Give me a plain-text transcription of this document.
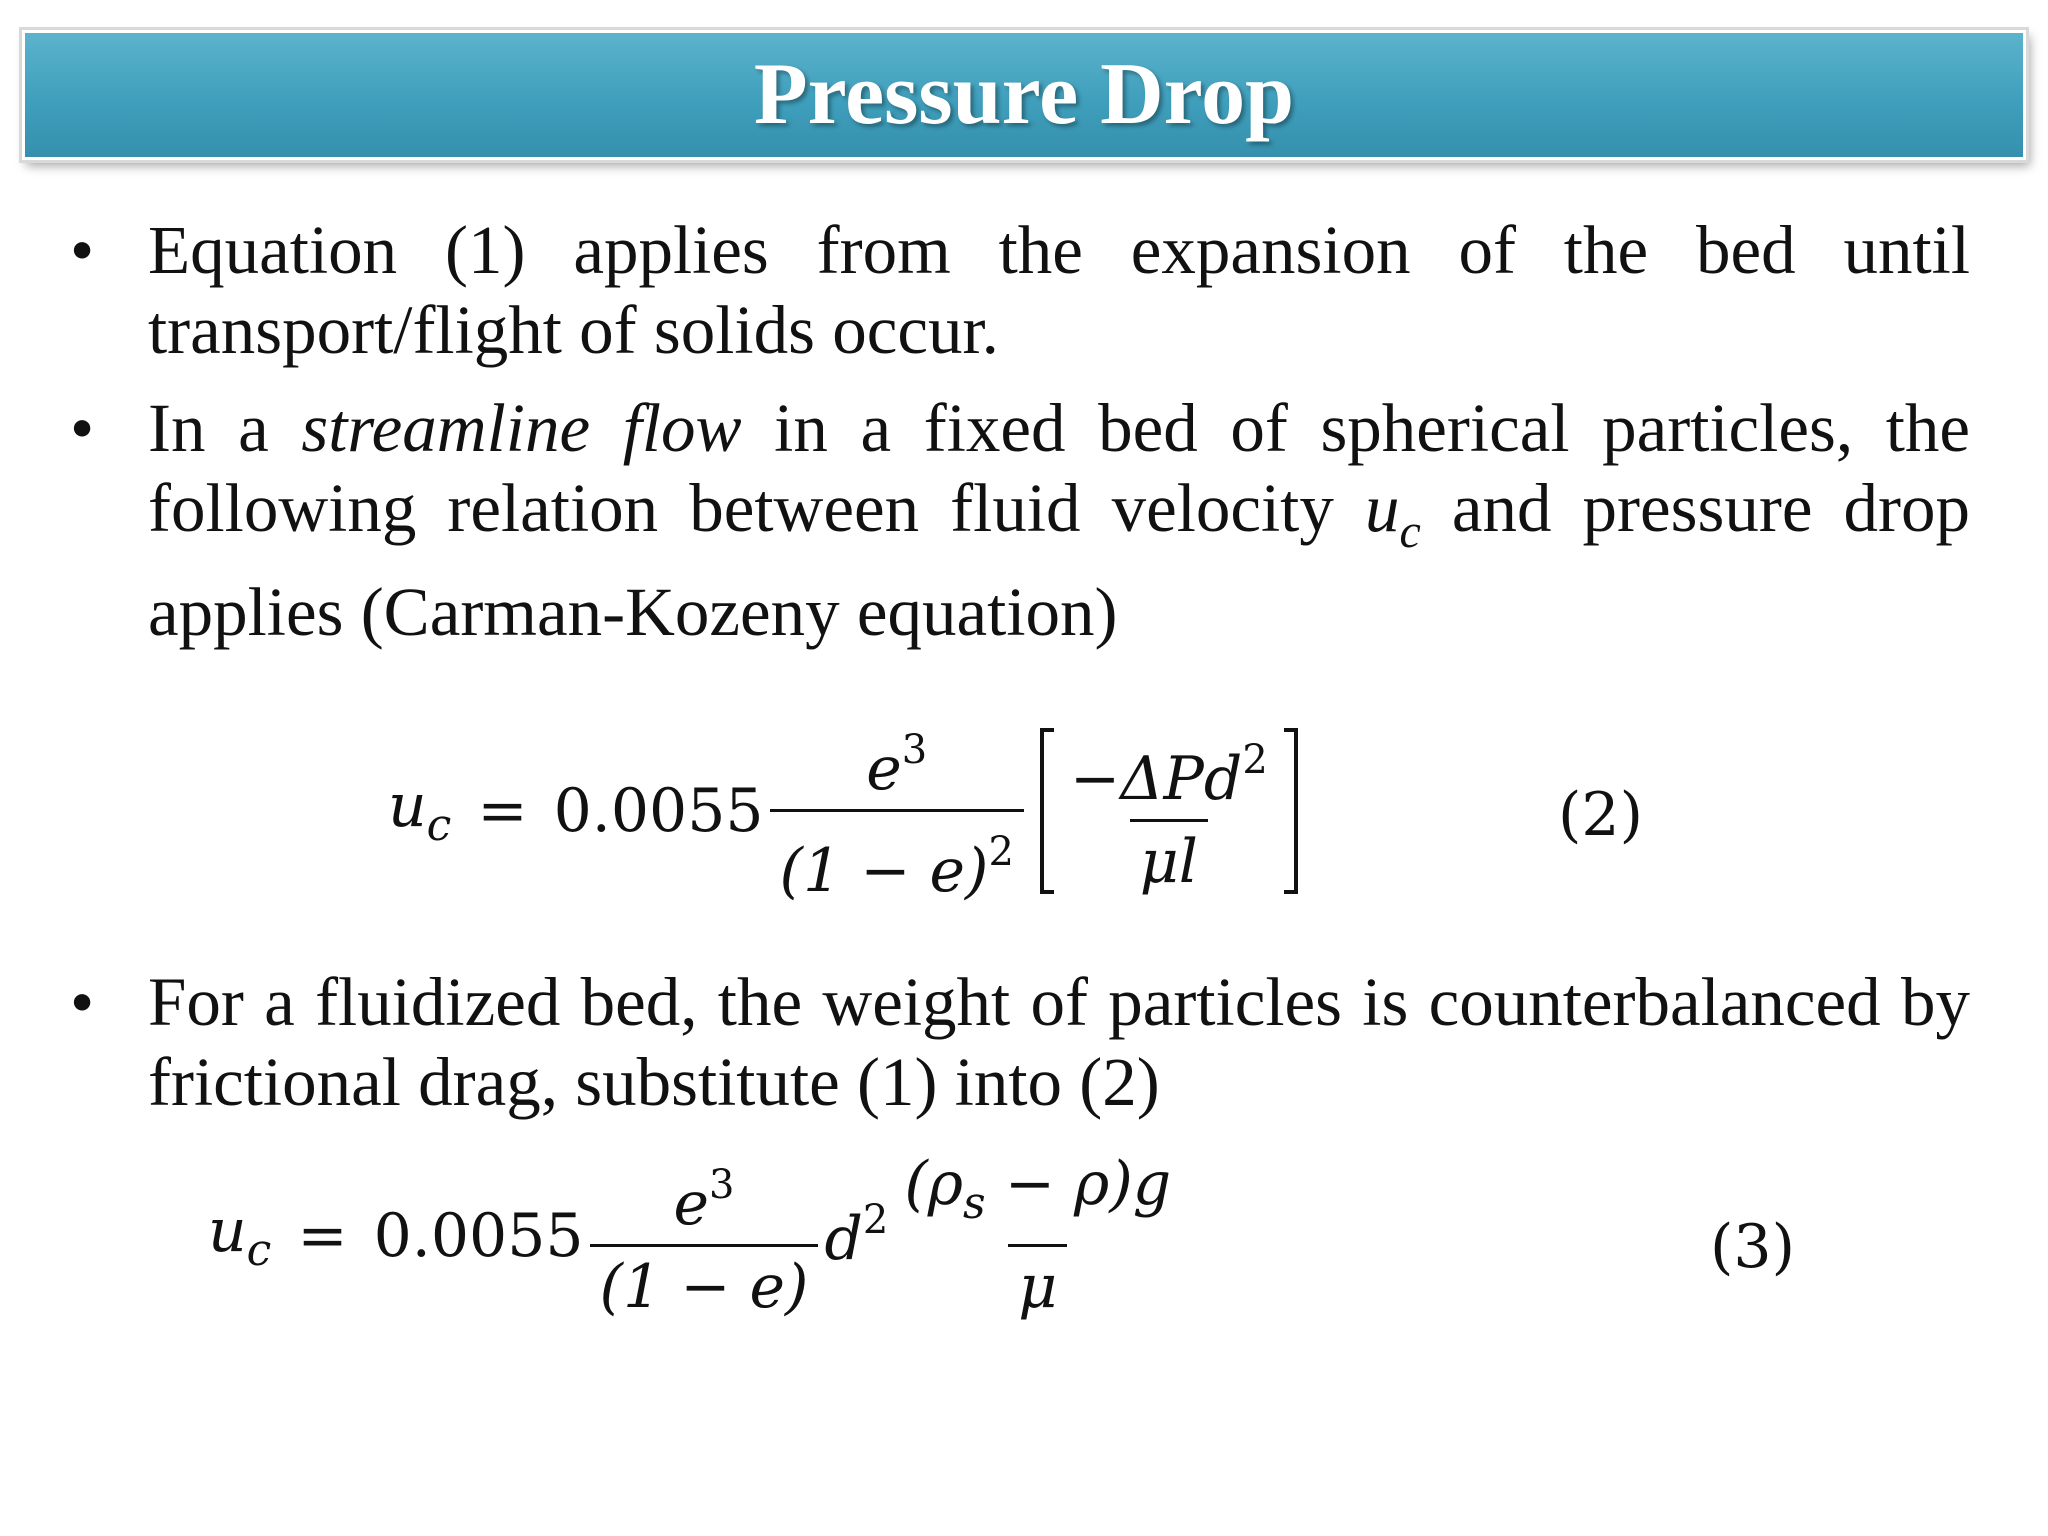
Pressure Drop
• Equation (1) applies from the expansion of the bed until transport/flight of solids occur.
• In a streamline flow in a fixed bed of spherical particles, the following relation between fluid velocity $u_c$ and pressure drop applies (Carman-Kozeny equation)
$u_c = 0.0055 \frac{e^3}{(1 - e)^2} \frac{-\Delta Pd^2}{\mu l}$	(2)
• For a fluidized bed, the weight of particles is counterbalanced by frictional drag, substitute (1) into (2)
$u_c = 0.0055 \frac{e^3}{(1 - e)} d^2 \frac{(\rho_s - \rho)g}{\mu}$	(3)
